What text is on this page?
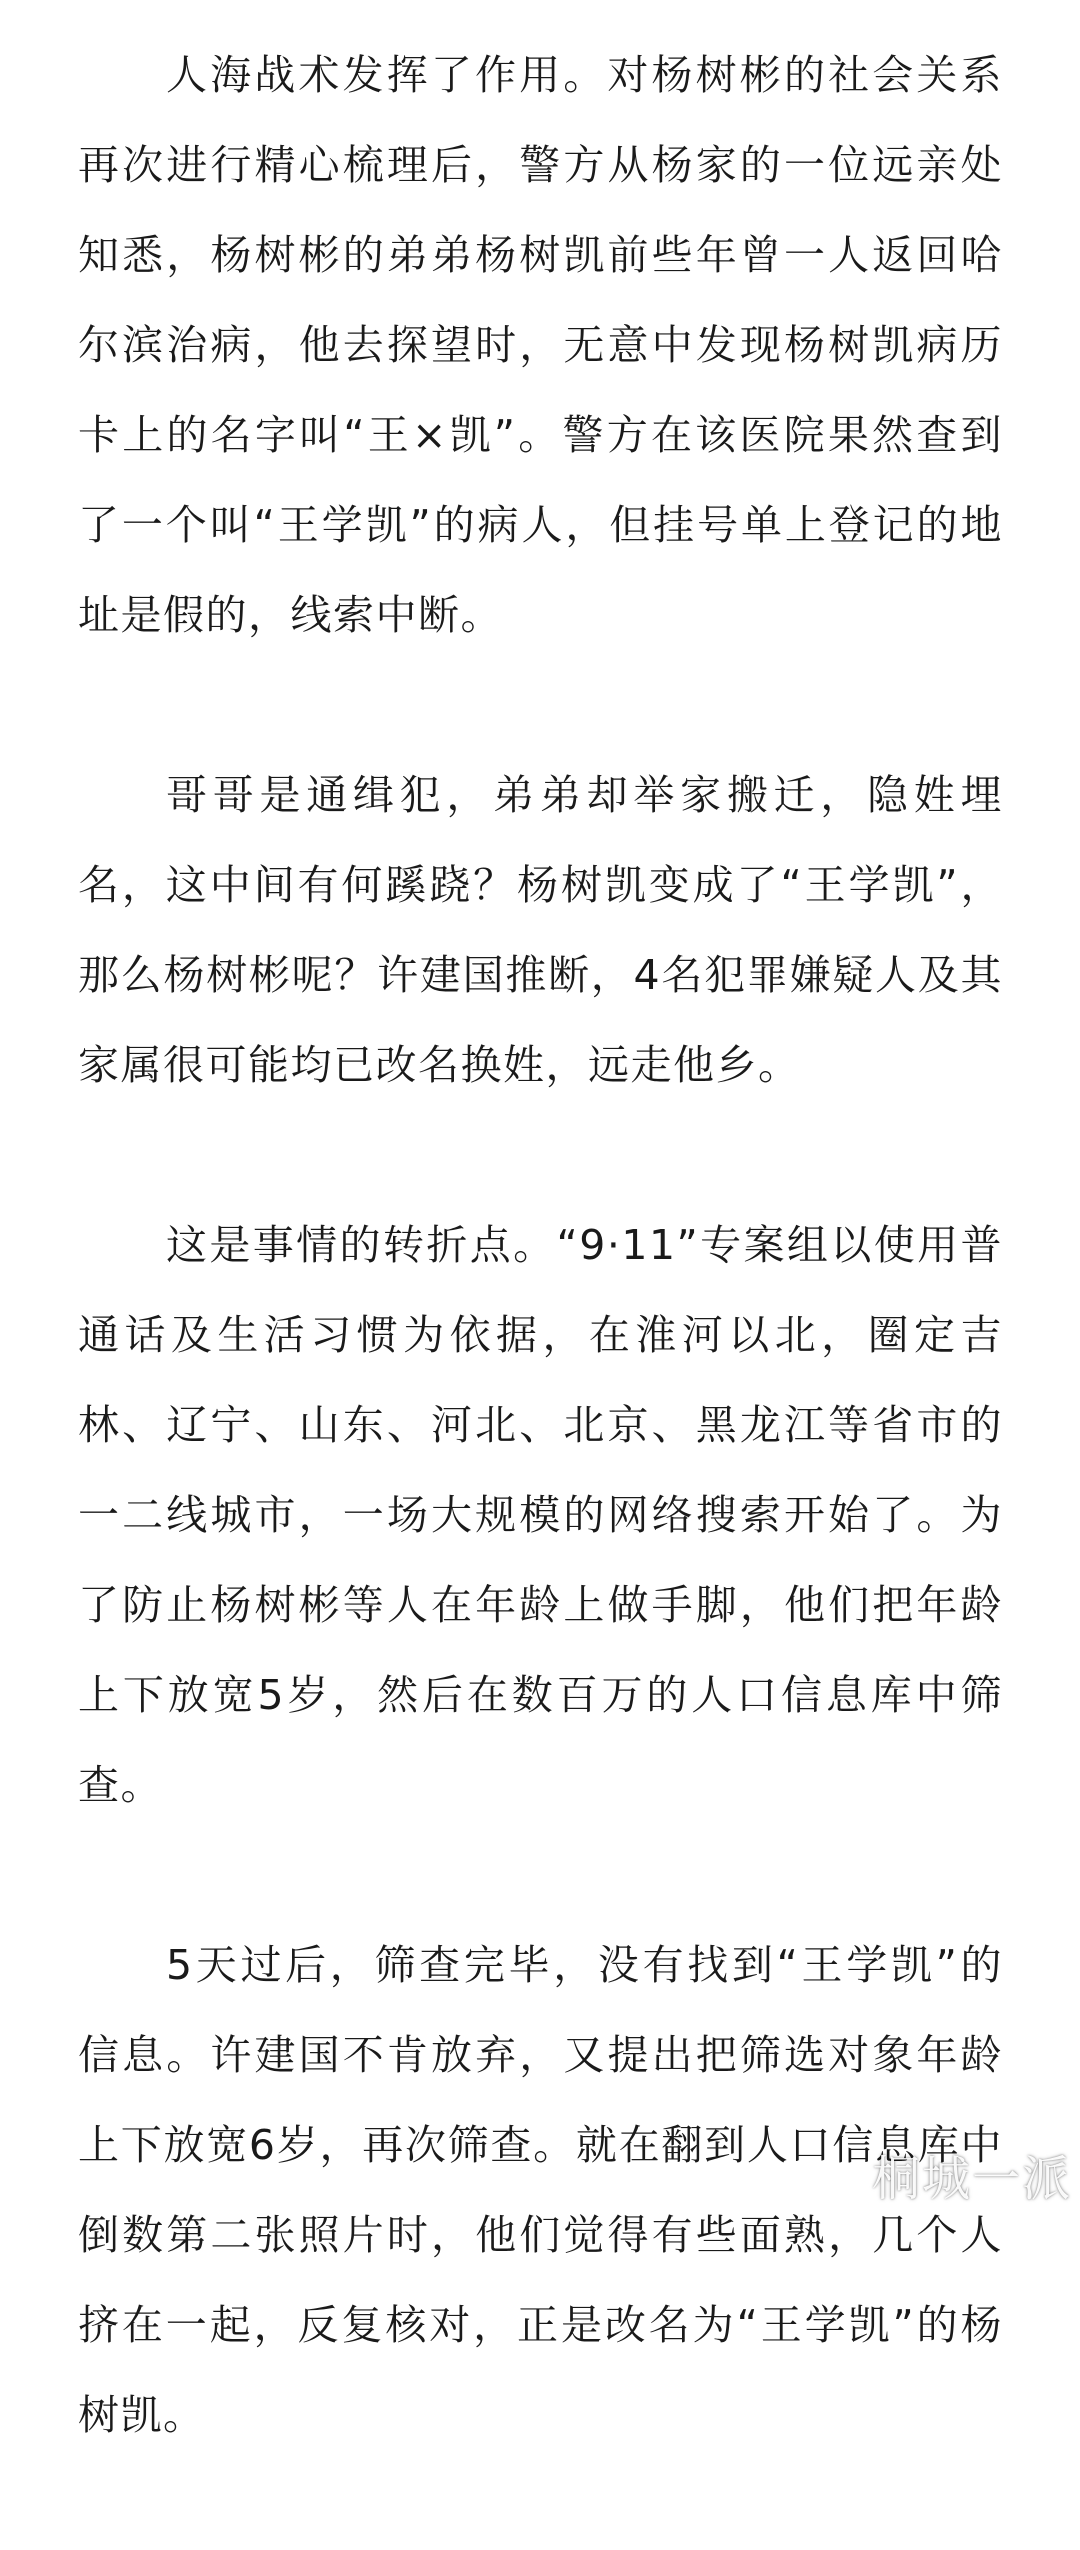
人海战术发挥了作用。对杨树彬的社会关系再次进行精心梳理后，警方从杨家的一位远亲处知悉，杨树彬的弟弟杨树凯前些年曾一人返回哈尔滨治病，他去探望时，无意中发现杨树凯病历卡上的名字叫“王×凯”。警方在该医院果然查到了一个叫“王学凯”的病人，但挂号单上登记的地址是假的，线索中断。

哥哥是通缉犯，弟弟却举家搬迁，隐姓埋名，这中间有何蹊跷？杨树凯变成了“王学凯”，那么杨树彬呢？许建国推断，4名犯罪嫌疑人及其家属很可能均已改名换姓，远走他乡。

这是事情的转折点。“9·11”专案组以使用普通话及生活习惯为依据，在淮河以北，圈定吉林、辽宁、山东、河北、北京、黑龙江等省市的一二线城市，一场大规模的网络搜索开始了。为了防止杨树彬等人在年龄上做手脚，他们把年龄上下放宽5岁，然后在数百万的人口信息库中筛查。

5天过后，筛查完毕，没有找到“王学凯”的信息。许建国不肯放弃，又提出把筛选对象年龄上下放宽6岁，再次筛查。就在翻到人口信息库中倒数第二张照片时，他们觉得有些面熟，几个人挤在一起，反复核对，正是改名为“王学凯”的杨树凯。

桐城一派
